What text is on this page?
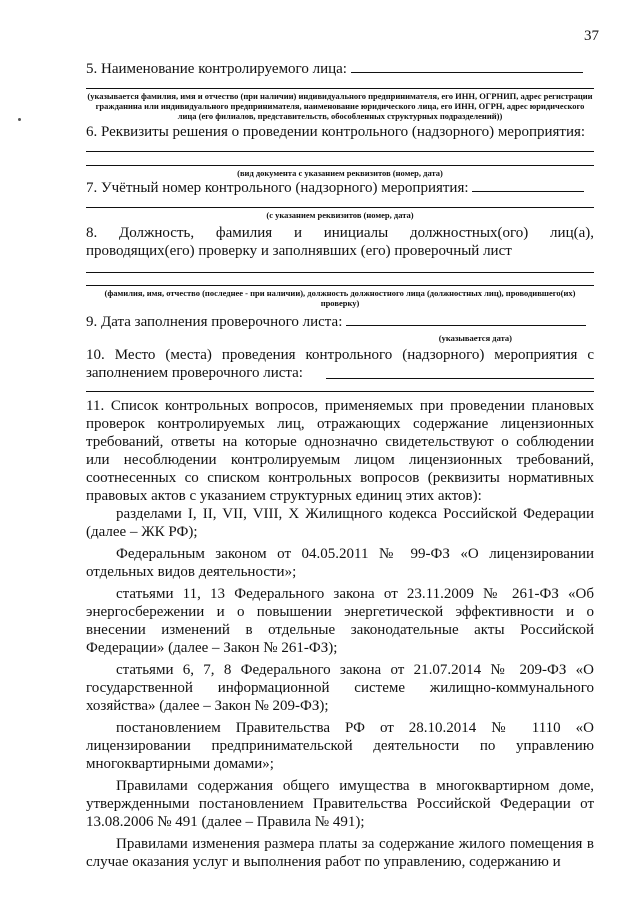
37

5. Наименование контролируемого лица:

(указывается фамилия, имя и отчество (при наличии) индивидуального предпринимателя, его ИНН, ОГРНИП, адрес регистрации гражданина или индивидуального предпринимателя, наименование юридического лица, его ИНН, ОГРН, адрес юридического лица (его филиалов, представительств, обособленных структурных подразделений))

6. Реквизиты решения о проведении контрольного (надзорного) мероприятия:

(вид документа с указанием реквизитов (номер, дата)

7. Учётный номер контрольного (надзорного) мероприятия:

(с указанием реквизитов (номер, дата)

8. Должность, фамилия и инициалы должностных(ого) лиц(а), проводящих(его) проверку и заполнявших (его) проверочный лист

(фамилия, имя, отчество (последнее - при наличии), должность должностного лица (должностных лиц), проводившего(их) проверку)

9. Дата заполнения проверочного листа:

(указывается дата)

10. Место (места) проведения контрольного (надзорного) мероприятия с заполнением проверочного листа:

11. Список контрольных вопросов, применяемых при проведении плановых проверок контролируемых лиц, отражающих содержание лицензионных требований, ответы на которые однозначно свидетельствуют о соблюдении или несоблюдении контролируемым лицом лицензионных требований, соотнесенных со списком контрольных вопросов (реквизиты нормативных правовых актов с указанием структурных единиц этих актов):

разделами I, II, VII, VIII, X Жилищного кодекса Российской Федерации (далее – ЖК РФ);

Федеральным законом от 04.05.2011 № 99-ФЗ «О лицензировании отдельных видов деятельности»;

статьями 11, 13 Федерального закона от 23.11.2009 № 261-ФЗ «Об энергосбережении и о повышении энергетической эффективности и о внесении изменений в отдельные законодательные акты Российской Федерации» (далее – Закон № 261-ФЗ);

статьями 6, 7, 8 Федерального закона от 21.07.2014 № 209-ФЗ «О государственной информационной системе жилищно-коммунального хозяйства» (далее – Закон № 209-ФЗ);

постановлением Правительства РФ от 28.10.2014 № 1110 «О лицензировании предпринимательской деятельности по управлению многоквартирными домами»;

Правилами содержания общего имущества в многоквартирном доме, утвержденными постановлением Правительства Российской Федерации от 13.08.2006 № 491 (далее – Правила № 491);

Правилами изменения размера платы за содержание жилого помещения в случае оказания услуг и выполнения работ по управлению, содержанию и
